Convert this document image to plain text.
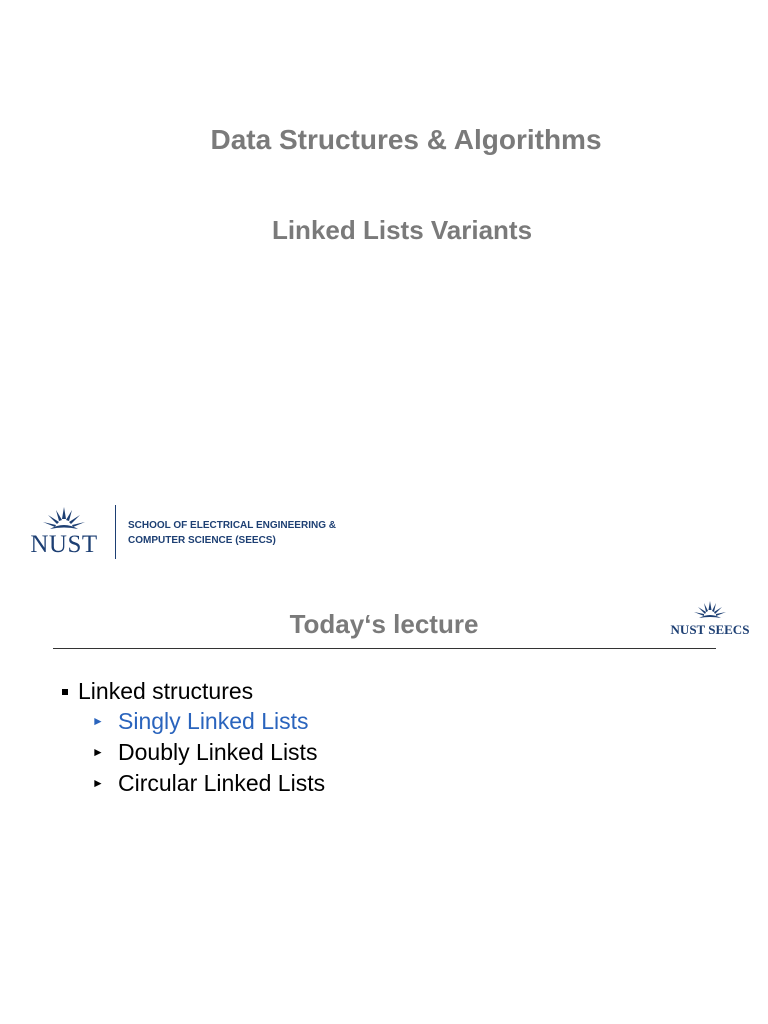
Data Structures & Algorithms
Linked Lists Variants
NUST
SCHOOL OF ELECTRICAL ENGINEERING &
COMPUTER SCIENCE (SEECS)
Today‘s lecture	NUST SEECS
Linked structures
► Singly Linked Lists
► Doubly Linked Lists
► Circular Linked Lists
